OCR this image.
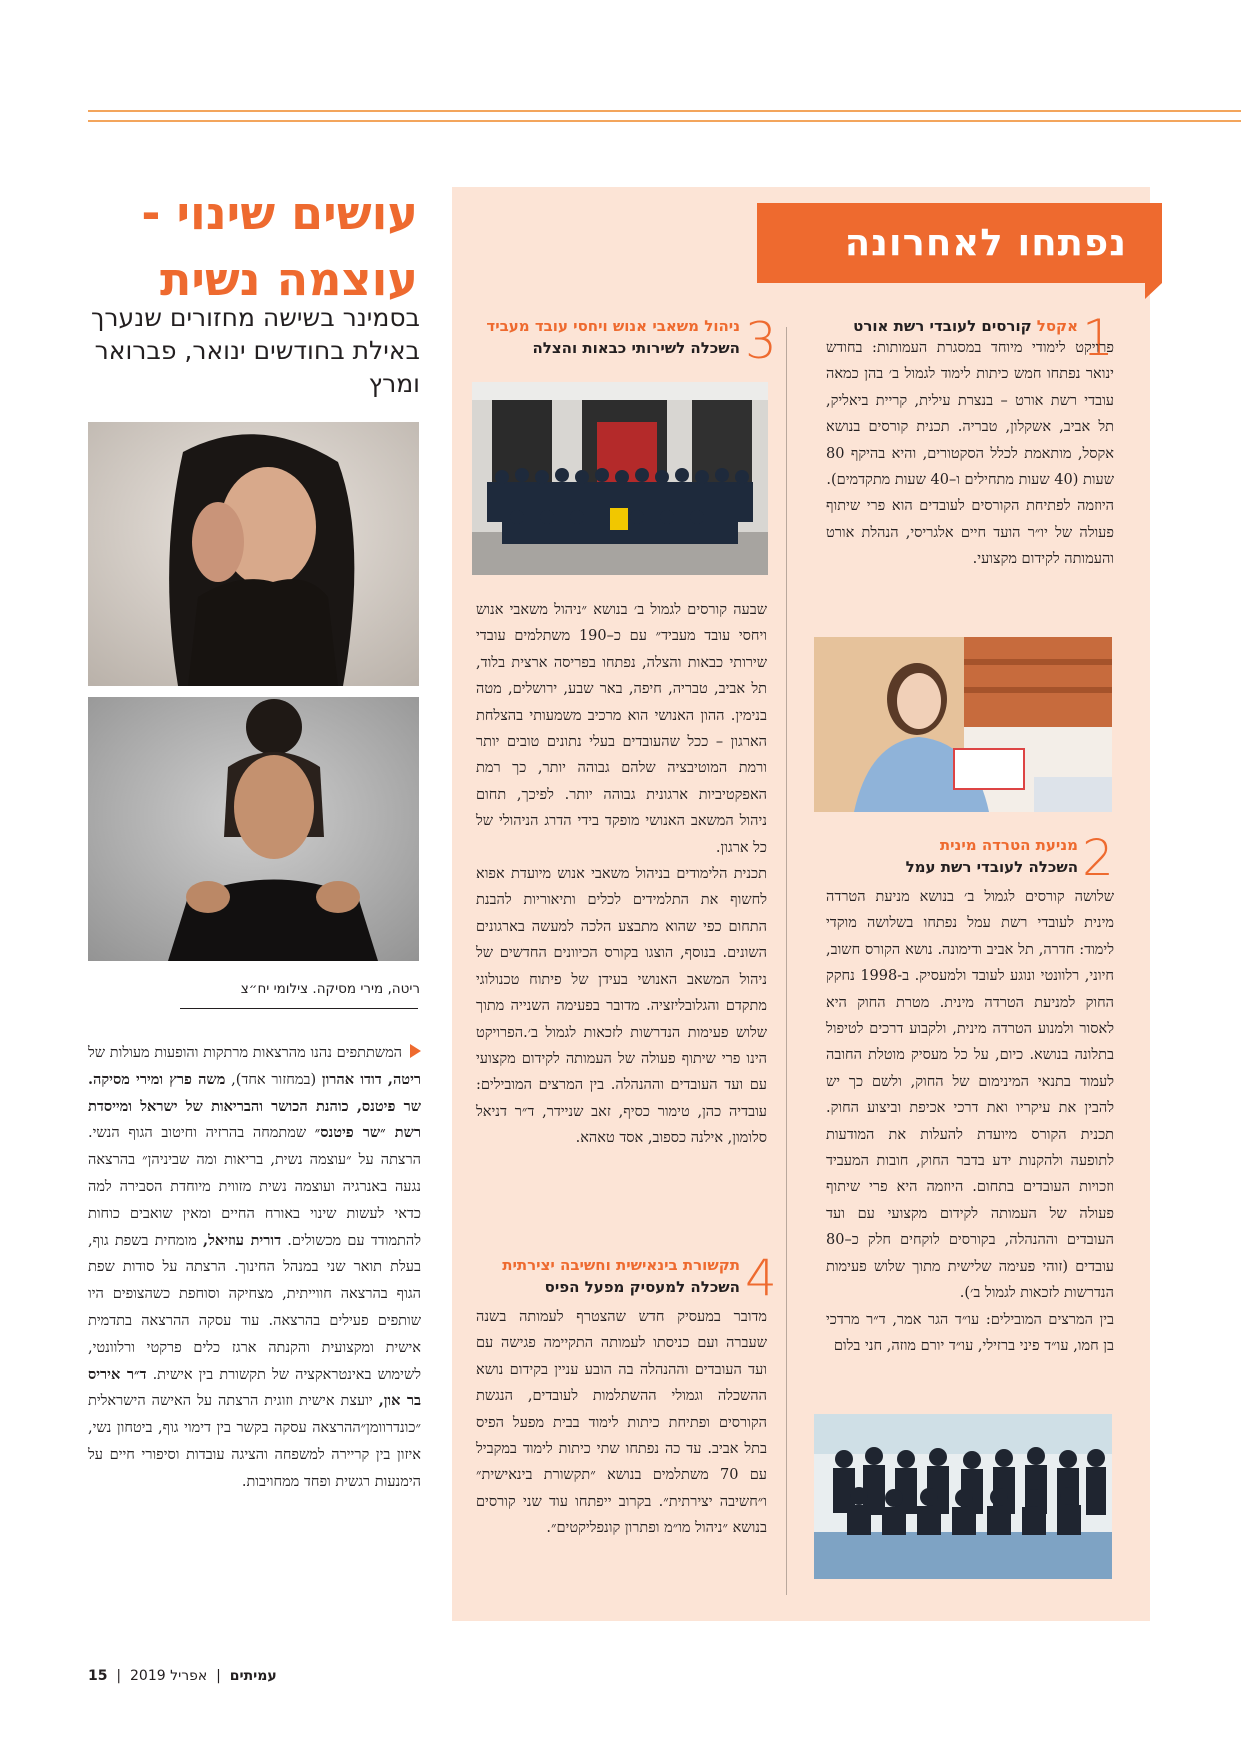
נפתחו לאחרונה
1
אקסל קורסים לעובדי רשת אורט

פרויקט לימודי מיוחד במסגרת העמותות: בחודש ינואר נפתחו חמש כיתות לימוד לגמול ב׳ בהן כמאה עובדי רשת אורט – בנצרת עילית, קריית ביאליק, תל אביב, אשקלון, טבריה. תכנית קורסים בנושא אקסל, מותאמת לכלל הסקטורים, והיא בהיקף 80 שעות (40 שעות מתחילים ו–40 שעות מתקדמים).

היוזמה לפתיחת הקורסים לעובדים הוא פרי שיתוף פעולה של יו״ר הועד חיים אלגריסי, הנהלת אורט והעמותה לקידום מקצועי.

2
מניעת הטרדה מינית
השכלה לעובדי רשת עמל

שלושה קורסים לגמול ב׳ בנושא מניעת הטרדה מינית לעובדי רשת עמל נפתחו בשלושה מוקדי לימוד: חדרה, תל אביב ודימונה. נושא הקורס חשוב, חיוני, רלוונטי ונוגע לעובד ולמעסיק. ב-1998 נחקק החוק למניעת הטרדה מינית. מטרת החוק היא לאסור ולמנוע הטרדה מינית, ולקבוע דרכים לטיפול בתלונה בנושא. כיום, על כל מעסיק מוטלת החובה לעמוד בתנאי המינימום של החוק, ולשם כך יש להבין את עיקריו ואת דרכי אכיפת וביצוע החוק. תכנית הקורס מיועדת להעלות את המודעות לתופעה ולהקנות ידע בדבר החוק, חובות המעביד וזכויות העובדים בתחום. היוזמה היא פרי שיתוף פעולה של העמותה לקידום מקצועי עם ועד העובדים וההנהלה, בקורסים לוקחים חלק כ–80 עובדים (זוהי פעימה שלישית מתוך שלוש פעימות הנדרשות לזכאות לגמול ב׳).

בין המרצים המובילים: עו״ד הגר אמר, ד״ר מרדכי בן חמו, עו״ד פיני ברזילי, עו״ד יורם מוזה, חני בלום

3
ניהול משאבי אנוש ויחסי עובד מעביד
השכלה לשירותי כבאות והצלה

שבעה קורסים לגמול ב׳ בנושא ״ניהול משאבי אנוש ויחסי עובד מעביד״ עם כ–190 משתלמים עובדי שירותי כבאות והצלה, נפתחו בפריסה ארצית בלוד, תל אביב, טבריה, חיפה, באר שבע, ירושלים, מטה בנימין. ההון האנושי הוא מרכיב משמעותי בהצלחת הארגון – ככל שהעובדים בעלי נתונים טובים יותר ורמת המוטיבציה שלהם גבוהה יותר, כך רמת האפקטיביות ארגונית גבוהה יותר. לפיכך, תחום ניהול המשאב האנושי מופקד בידי הדרג הניהולי של כל ארגון.

תכנית הלימודים בניהול משאבי אנוש מיועדת אפוא לחשוף את התלמידים לכלים ותיאוריות להבנת התחום כפי שהוא מתבצע הלכה למעשה בארגונים השונים. בנוסף, הוצגו בקורס הכיוונים החדשים של ניהול המשאב האנושי בעידן של פיתוח טכנולוגי מתקדם והגלובליזציה. מדובר בפעימה השנייה מתוך שלוש פעימות הנדרשות לזכאות לגמול ב׳.הפרויקט הינו פרי שיתוף פעולה של העמותה לקידום מקצועי עם ועד העובדים וההנהלה. בין המרצים המובילים: עובדיה כהן, טימור כסיף, זאב שניידר, ד״ר דניאל סלומון, אילנה כספוב, אסד טאהא.

4
תקשורת בינאישית וחשיבה יצירתית
השכלה למעסיק מפעל הפיס

מדובר במעסיק חדש שהצטרף לעמותה בשנה שעברה ועם כניסתו לעמותה התקיימה פגישה עם ועד העובדים וההנהלה בה הובע עניין בקידום נושא ההשכלה וגמולי ההשתלמות לעובדים, הנגשת הקורסים ופתיחת כיתות לימוד בבית מפעל הפיס בתל אביב. עד כה נפתחו שתי כיתות לימוד במקביל עם 70 משתלמים בנושא ״תקשורת בינאישית״ ו״חשיבה יצירתית״. בקרוב ייפתחו עוד שני קורסים בנושא ״ניהול מו״מ ופתרון קונפליקטים״.

עושים שינוי -
עוצמה נשית
בסמינר בשישה מחזורים שנערך באילת בחודשים ינואר, פברואר ומרץ
ריטה, מירי מסיקה. צילומי יח״צ
המשתתפים נהנו מהרצאות מרתקות והופעות מעולות של ריטה, דודו אהרון (במחזור אחד), משה פרץ ומירי מסיקה. שר פיטנס, כוהנת הכושר והבריאות של ישראל ומייסדת רשת ״שר פיטנס״ שמתמחה בהרזיה וחיטוב הגוף הנשי. הרצתה על ״עוצמה נשית, בריאות ומה שביניהן״ בהרצאה נגעה באנרגיה ועוצמה נשית מזווית מיוחדת הסבירה למה כדאי לעשות שינוי באורח החיים ומאין שואבים כוחות להתמודד עם מכשולים. דורית עוזיאל, מומחית בשפת גוף, בעלת תואר שני במנהל החינוך. הרצתה על סודות שפת הגוף בהרצאה חווייתית, מצחיקה וסוחפת כשהצופים היו שותפים פעילים בהרצאה. עוד עסקה ההרצאה בתדמית אישית ומקצועית והקנתה ארגז כלים פרקטי ורלוונטי, לשימוש באינטראקציה של תקשורת בין אישית. ד״ר איריס בר און, יועצת אישית וזוגית הרצתה על האישה הישראלית ״כונדרוומן״ההרצאה עסקה בקשר בין דימוי גוף, ביטחון נשי, איזון בין קריירה למשפחה והציגה עובדות וסיפורי חיים על הימנעות רגשית ופחד ממחויבות.
15  |  אפריל 2019  |  עמיתים
